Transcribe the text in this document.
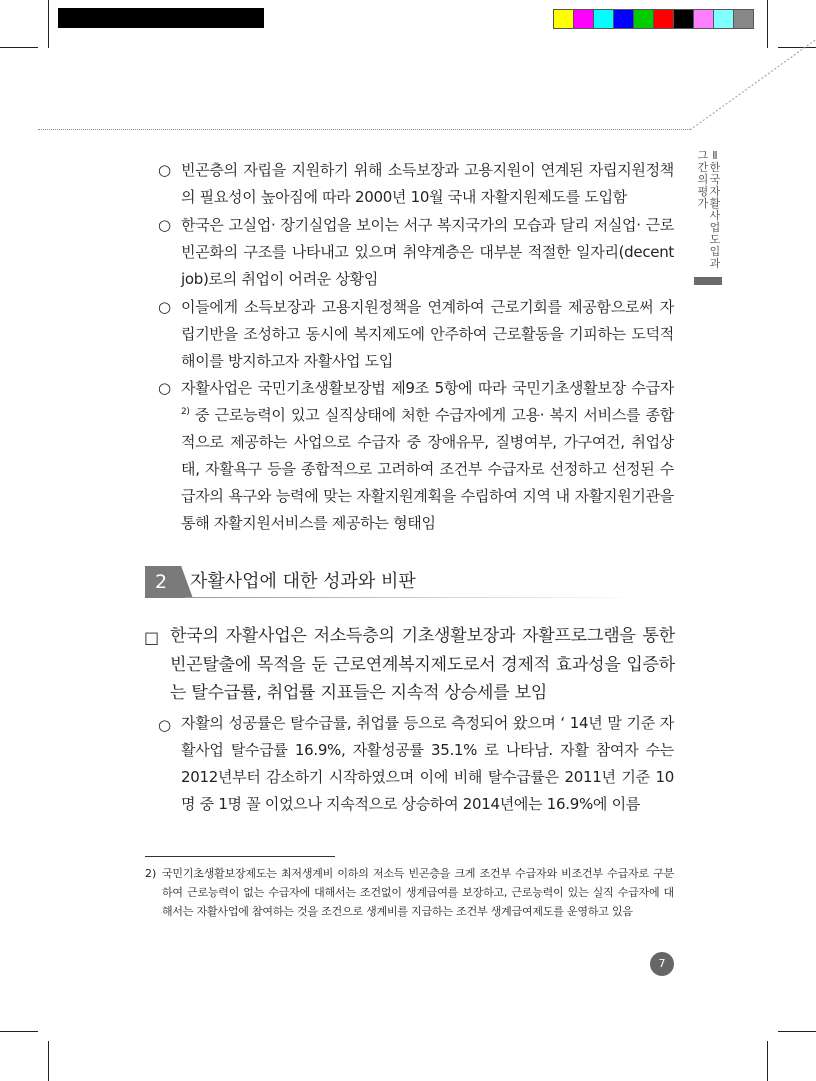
Ⅱ 한국 자활사업 도입과
그간의 평가
○ 빈곤층의 자립을 지원하기 위해 소득보장과 고용지원이 연계된 자립지원정책의 필요성이 높아짐에 따라 2000년 10월 국내 자활지원제도를 도입함
○ 한국은 고실업· 장기실업을 보이는 서구 복지국가의 모습과 달리 저실업· 근로빈곤화의 구조를 나타내고 있으며 취약계층은 대부분 적절한 일자리(decent job)로의 취업이 어려운 상황임
○ 이들에게 소득보장과 고용지원정책을 연계하여 근로기회를 제공함으로써 자립기반을 조성하고 동시에 복지제도에 안주하여 근로활동을 기피하는 도덕적 해이를 방지하고자 자활사업 도입
○ 자활사업은 국민기초생활보장법 제9조 5항에 따라 국민기초생활보장 수급자$^{2)}$ 중 근로능력이 있고 실직상태에 처한 수급자에게 고용· 복지 서비스를 종합적으로 제공하는 사업으로 수급자 중 장애유무, 질병여부, 가구여건, 취업상태, 자활욕구 등을 종합적으로 고려하여 조건부 수급자로 선정하고 선정된 수급자의 욕구와 능력에 맞는 자활지원계획을 수립하여 지역 내 자활지원기관을 통해 자활지원서비스를 제공하는 형태임
2	자활사업에 대한 성과와 비판
□ 한국의 자활사업은 저소득층의 기초생활보장과 자활프로그램을 통한 빈곤탈출에 목적을 둔 근로연계복지제도로서 경제적 효과성을 입증하는 탈수급률, 취업률 지표들은 지속적 상승세를 보임
○ 자활의 성공률은 탈수급률, 취업률 등으로 측정되어 왔으며 ‘ 14년 말 기준 자활사업 탈수급률 16.9%, 자활성공률 35.1% 로 나타남. 자활 참여자 수는 2012년부터 감소하기 시작하였으며 이에 비해 탈수급률은 2011년 기준 10명 중 1명 꼴 이었으나 지속적으로 상승하여 2014년에는 16.9%에 이름
2) 국민기초생활보장제도는 최저생계비 이하의 저소득 빈곤층을 크게 조건부 수급자와 비조건부 수급자로 구분하여 근로능력이 없는 수급자에 대해서는 조건없이 생계급여를 보장하고, 근로능력이 있는 실직 수급자에 대해서는 자활사업에 참여하는 것을 조건으로 생계비를 지급하는 조건부 생계급여제도를 운영하고 있음
7
